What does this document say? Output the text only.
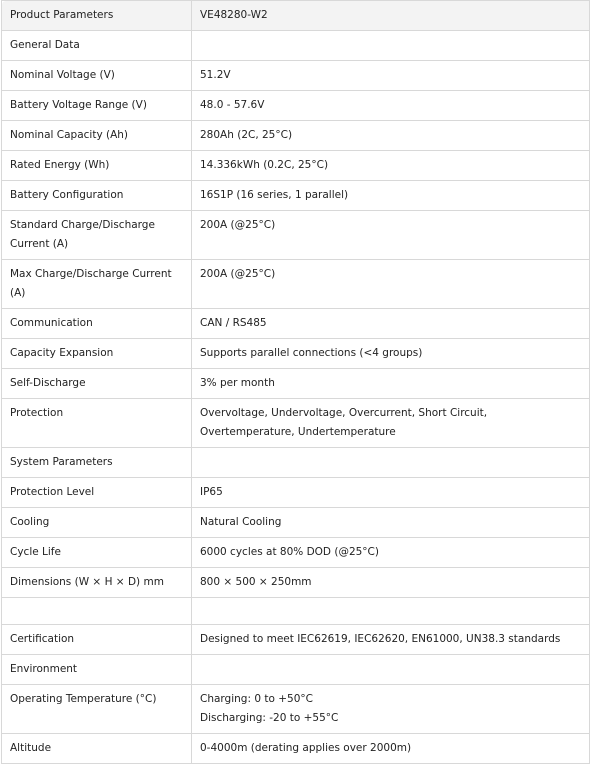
Product Parameters	VE48280-W2
General Data	
Nominal Voltage (V)	51.2V
Battery Voltage Range (V)	48.0 - 57.6V
Nominal Capacity (Ah)	280Ah (2C, 25°C)
Rated Energy (Wh)	14.336kWh (0.2C, 25°C)
Battery Configuration	16S1P (16 series, 1 parallel)
Standard Charge/Discharge Current (A)	200A (@25°C)
Max Charge/Discharge Current (A)	200A (@25°C)
Communication	CAN / RS485
Capacity Expansion	Supports parallel connections (<4 groups)
Self-Discharge	3% per month
Protection	Overvoltage, Undervoltage, Overcurrent, Short Circuit, Overtemperature, Undertemperature
System Parameters	
Protection Level	IP65
Cooling	Natural Cooling
Cycle Life	6000 cycles at 80% DOD (@25°C)
Dimensions (W × H × D) mm	800 × 500 × 250mm

Certification	Designed to meet IEC62619, IEC62620, EN61000, UN38.3 standards
Environment	
Operating Temperature (°C)	Charging: 0 to +50°C
Discharging: -20 to +55°C

Altitude	0-4000m (derating applies over 2000m)
